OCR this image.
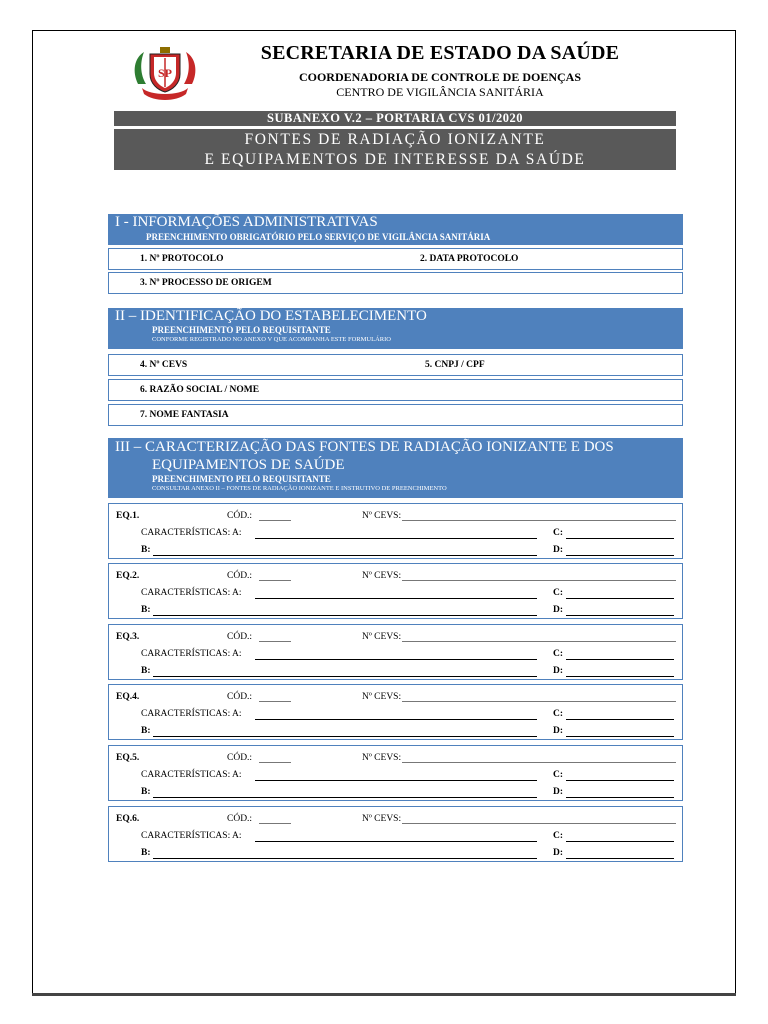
SP
SECRETARIA DE ESTADO DA SAÚDE
COORDENADORIA DE CONTROLE DE DOENÇAS
CENTRO DE VIGILÂNCIA SANITÁRIA
SUBANEXO V.2 – PORTARIA CVS 01/2020
FONTES DE RADIAÇÃO IONIZANTE
E EQUIPAMENTOS DE INTERESSE DA SAÚDE
I - INFORMAÇÕES ADMINISTRATIVAS
PREENCHIMENTO OBRIGATÓRIO PELO SERVIÇO DE VIGILÂNCIA SANITÁRIA
1. Nº PROTOCOLO	2. DATA PROTOCOLO
3. Nº PROCESSO DE ORIGEM
II – IDENTIFICAÇÃO DO ESTABELECIMENTO
PREENCHIMENTO PELO REQUISITANTE
CONFORME REGISTRADO NO ANEXO V QUE ACOMPANHA ESTE FORMULÁRIO
4. Nº CEVS	5. CNPJ / CPF
6. RAZÃO SOCIAL / NOME
7. NOME FANTASIA
III – CARACTERIZAÇÃO DAS FONTES DE RADIAÇÃO IONIZANTE E DOS
EQUIPAMENTOS DE SAÚDE
PREENCHIMENTO PELO REQUISITANTE
CONSULTAR ANEXO II – FONTES DE RADIAÇÃO IONIZANTE E INSTRUTIVO DE PREENCHIMENTO
EQ.1.	CÓD.:	Nº CEVS:
CARACTERÍSTICAS: A:	C:
B:	D:
EQ.2.	CÓD.:	Nº CEVS:
CARACTERÍSTICAS: A:	C:
B:	D:
EQ.3.	CÓD.:	Nº CEVS:
CARACTERÍSTICAS: A:	C:
B:	D:
EQ.4.	CÓD.:	Nº CEVS:
CARACTERÍSTICAS: A:	C:
B:	D:
EQ.5.	CÓD.:	Nº CEVS:
CARACTERÍSTICAS: A:	C:
B:	D:
EQ.6.	CÓD.:	Nº CEVS:
CARACTERÍSTICAS: A:	C:
B:	D:
